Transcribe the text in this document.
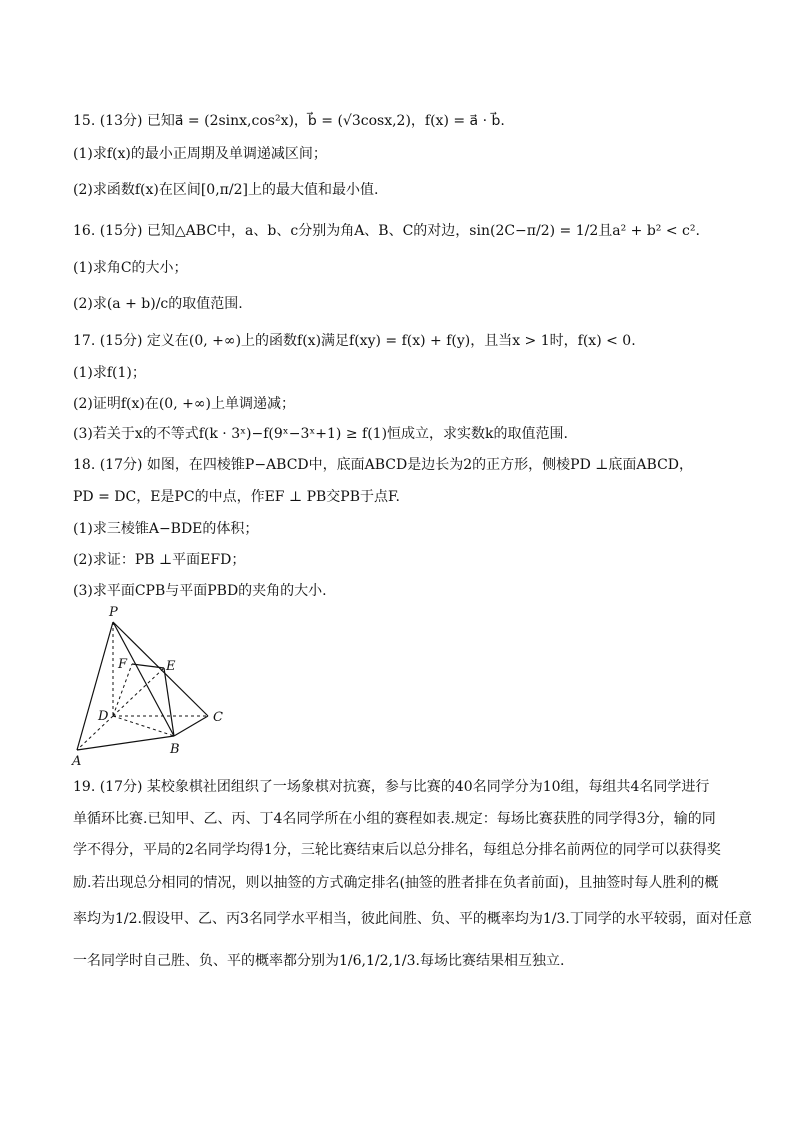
15. (13分) 已知a⃗ = (2sinx,cos²x)，b⃗ = (√3cosx,2)，f(x) = a⃗ · b⃗.
(1)求f(x)的最小正周期及单调递减区间；
(2)求函数f(x)在区间[0,π/2]上的最大值和最小值.
16. (15分) 已知△ABC中，a、b、c分别为角A、B、C的对边，sin(2C−π/2) = 1/2且a² + b² < c².
(1)求角C的大小；
(2)求(a + b)/c的取值范围.
17. (15分) 定义在(0, +∞)上的函数f(x)满足f(xy) = f(x) + f(y)，且当x > 1时，f(x) < 0.
(1)求f(1)；
(2)证明f(x)在(0, +∞)上单调递减；
(3)若关于x的不等式f(k · 3ˣ)−f(9ˣ−3ˣ+1) ≥ f(1)恒成立，求实数k的取值范围.
18. (17分) 如图，在四棱锥P−ABCD中，底面ABCD是边长为2的正方形，侧棱PD ⊥底面ABCD，
PD = DC，E是PC的中点，作EF ⊥ PB交PB于点F.
(1)求三棱锥A−BDE的体积；
(2)求证：PB ⊥平面EFD；
(3)求平面CPB与平面PBD的夹角的大小.
P
F	E
D	C
A
B
19. (17分) 某校象棋社团组织了一场象棋对抗赛，参与比赛的40名同学分为10组，每组共4名同学进行
单循环比赛.已知甲、乙、丙、丁4名同学所在小组的赛程如表.规定：每场比赛获胜的同学得3分，输的同
学不得分，平局的2名同学均得1分，三轮比赛结束后以总分排名，每组总分排名前两位的同学可以获得奖
励.若出现总分相同的情况，则以抽签的方式确定排名(抽签的胜者排在负者前面)，且抽签时每人胜利的概
率均为1/2.假设甲、乙、丙3名同学水平相当，彼此间胜、负、平的概率均为1/3.丁同学的水平较弱，面对任意
一名同学时自己胜、负、平的概率都分别为1/6,1/2,1/3.每场比赛结果相互独立.
